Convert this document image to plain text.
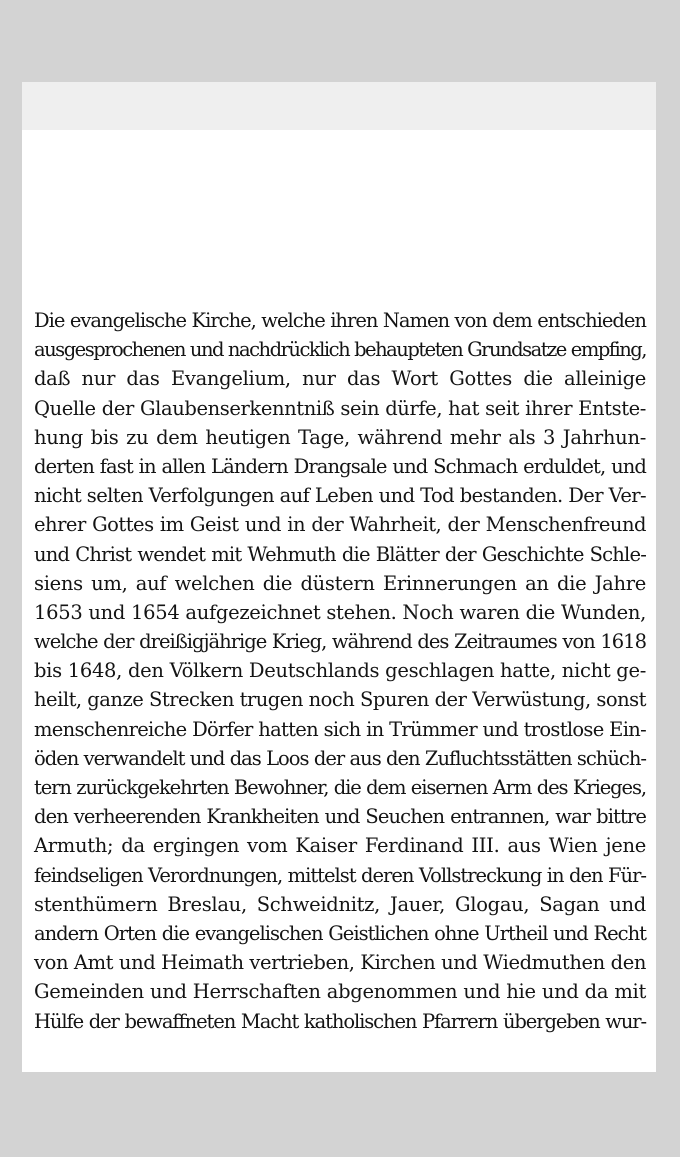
Die evangelische Kirche, welche ihren Namen von dem entschieden
ausgesprochenen und nachdrücklich behaupteten Grundsatze empfing,
daß nur das Evangelium, nur das Wort Gottes die alleinige
Quelle der Glaubenserkenntniß sein dürfe, hat seit ihrer Entste-
hung bis zu dem heutigen Tage, während mehr als 3 Jahrhun-
derten fast in allen Ländern Drangsale und Schmach erduldet, und
nicht selten Verfolgungen auf Leben und Tod bestanden. Der Ver-
ehrer Gottes im Geist und in der Wahrheit, der Menschenfreund
und Christ wendet mit Wehmuth die Blätter der Geschichte Schle-
siens um, auf welchen die düstern Erinnerungen an die Jahre
1653 und 1654 aufgezeichnet stehen. Noch waren die Wunden,
welche der dreißigjährige Krieg, während des Zeitraumes von 1618
bis 1648, den Völkern Deutschlands geschlagen hatte, nicht ge-
heilt, ganze Strecken trugen noch Spuren der Verwüstung, sonst
menschenreiche Dörfer hatten sich in Trümmer und trostlose Ein-
öden verwandelt und das Loos der aus den Zufluchtsstätten schüch-
tern zurückgekehrten Bewohner, die dem eisernen Arm des Krieges,
den verheerenden Krankheiten und Seuchen entrannen, war bittre
Armuth; da ergingen vom Kaiser Ferdinand III. aus Wien jene
feindseligen Verordnungen, mittelst deren Vollstreckung in den Für-
stenthümern Breslau, Schweidnitz, Jauer, Glogau, Sagan und
andern Orten die evangelischen Geistlichen ohne Urtheil und Recht
von Amt und Heimath vertrieben, Kirchen und Wiedmuthen den
Gemeinden und Herrschaften abgenommen und hie und da mit
Hülfe der bewaffneten Macht katholischen Pfarrern übergeben wur-
